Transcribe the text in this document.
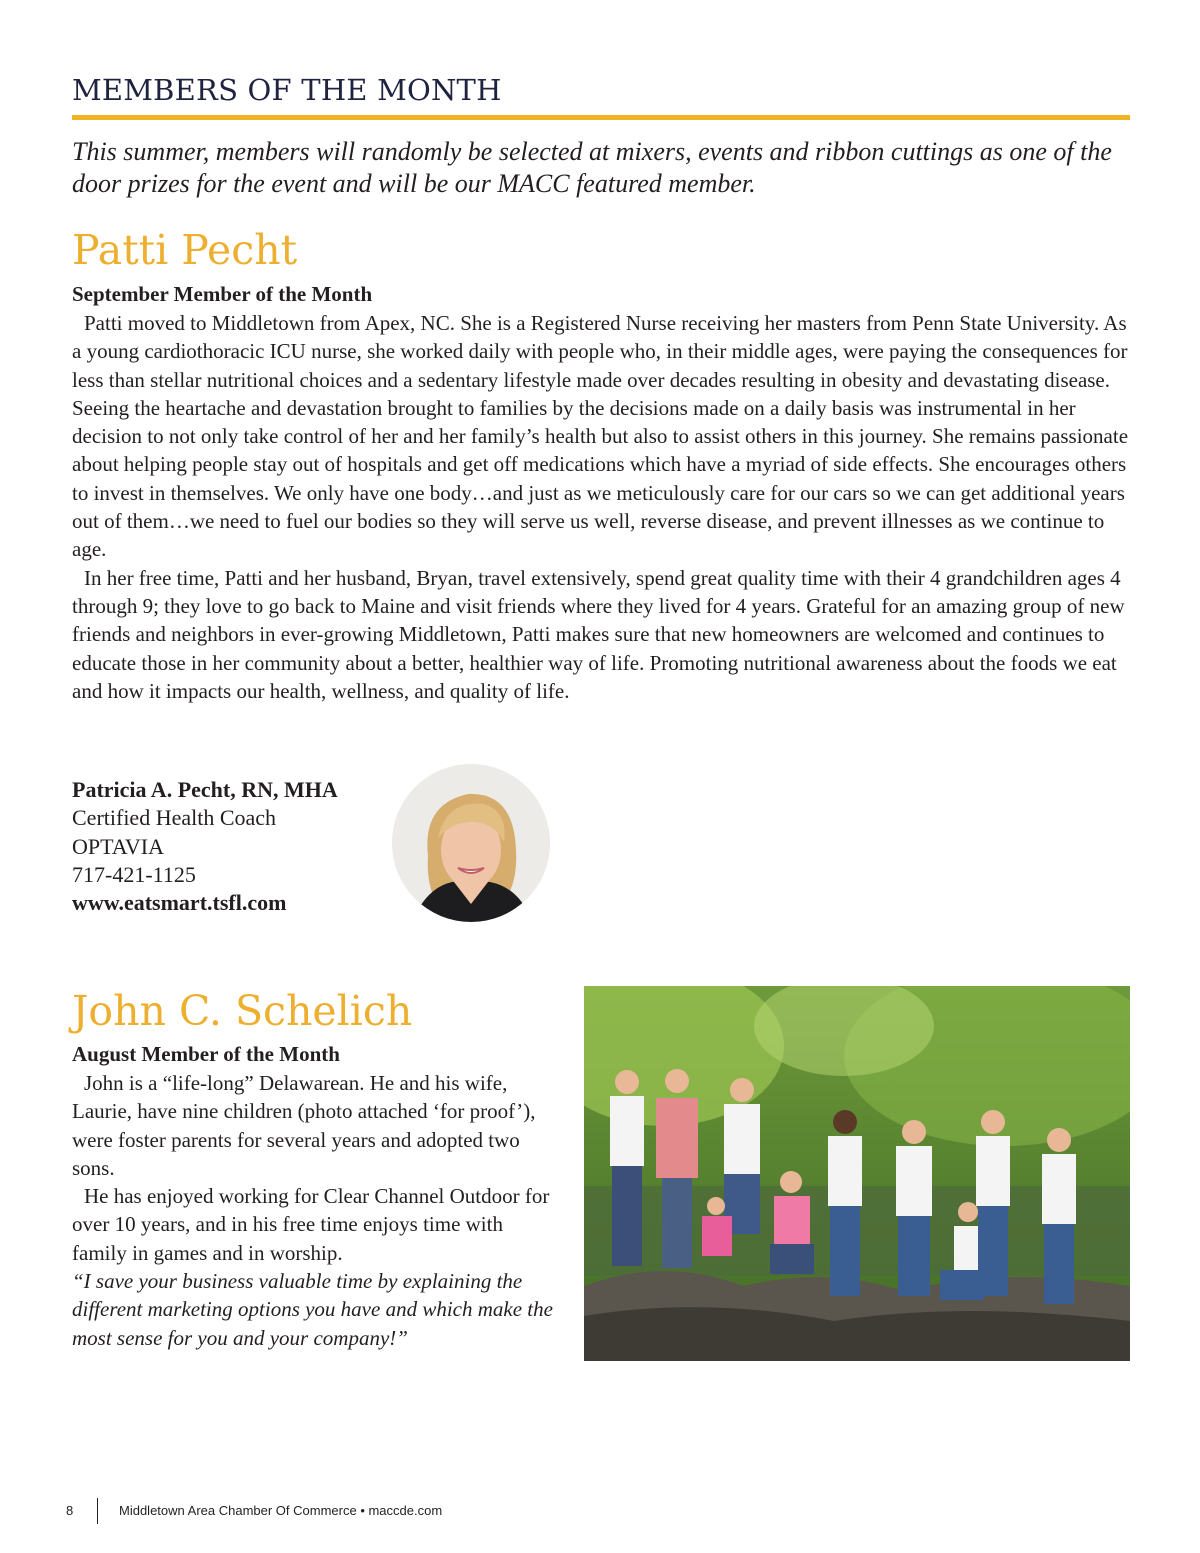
MEMBERS OF THE MONTH

This summer, members will randomly be selected at mixers, events and ribbon cuttings as one of the door prizes for the event and will be our MACC featured member.

Patti Pecht

September Member of the Month

Patti moved to Middletown from Apex, NC. She is a Registered Nurse receiving her masters from Penn State University. As a young cardiothoracic ICU nurse, she worked daily with people who, in their middle ages, were paying the consequences for less than stellar nutritional choices and a sedentary lifestyle made over decades resulting in obesity and devastating disease. Seeing the heartache and devastation brought to families by the decisions made on a daily basis was instrumental in her decision to not only take control of her and her family’s health but also to assist others in this journey. She remains passionate about helping people stay out of hospitals and get off medications which have a myriad of side effects. She encourages others to invest in themselves. We only have one body…and just as we meticulously care for our cars so we can get additional years out of them…we need to fuel our bodies so they will serve us well, reverse disease, and prevent illnesses as we continue to age.

In her free time, Patti and her husband, Bryan, travel extensively, spend great quality time with their 4 grandchildren ages 4 through 9; they love to go back to Maine and visit friends where they lived for 4 years. Grateful for an amazing group of new friends and neighbors in ever-growing Middletown, Patti makes sure that new homeowners are welcomed and continues to educate those in her community about a better, healthier way of life. Promoting nutritional awareness about the foods we eat and how it impacts our health, wellness, and quality of life.

Patricia A. Pecht, RN, MHA
Certified Health Coach
OPTAVIA
717-421-1125
www.eatsmart.tsfl.com
John C. Schelich

August Member of the Month

John is a “life-long” Delawarean. He and his wife, Laurie, have nine children (photo attached ‘for proof’), were foster parents for several years and adopted two sons.

He has enjoyed working for Clear Channel Outdoor for over 10 years, and in his free time enjoys time with family in games and in worship.

“I save your business valuable time by explaining the different marketing options you have and which make the most sense for you and your company!”

8	Middletown Area Chamber Of Commerce • maccde.com
